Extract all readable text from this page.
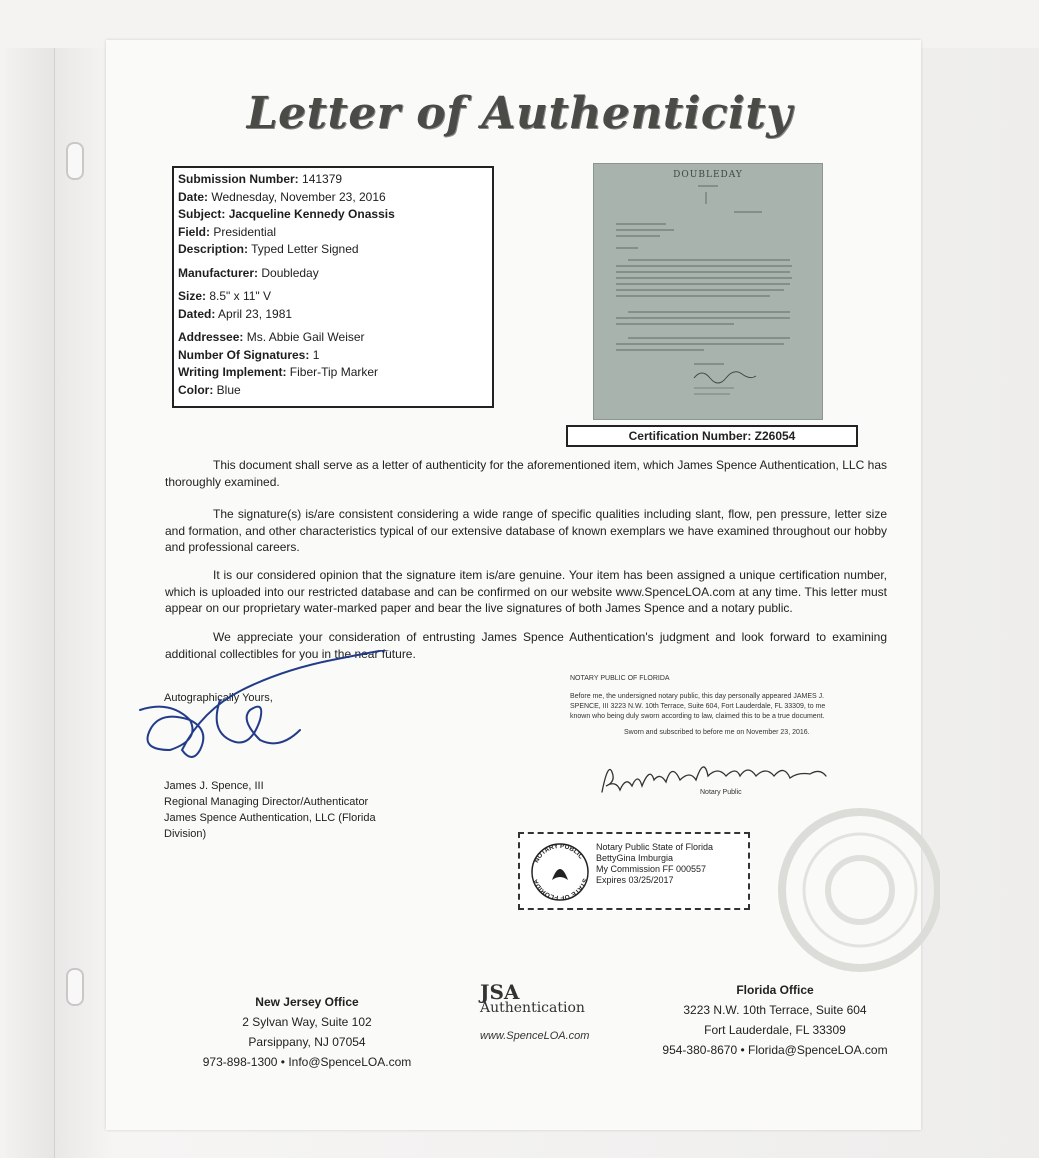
Letter of Authenticity
Submission Number: 141379
Date: Wednesday, November 23, 2016
Subject: Jacqueline Kennedy Onassis
Field: Presidential
Description: Typed Letter Signed
Manufacturer: Doubleday
Size: 8.5" x 11" V
Dated: April 23, 1981
Addressee: Ms. Abbie Gail Weiser
Number Of Signatures: 1
Writing Implement: Fiber-Tip Marker
Color: Blue
DOUBLEDAY
Certification Number: Z26054
This document shall serve as a letter of authenticity for the aforementioned item, which James Spence Authentication, LLC has thoroughly examined.
The signature(s) is/are consistent considering a wide range of specific qualities including slant, flow, pen pressure, letter size and formation, and other characteristics typical of our extensive database of known exemplars we have examined throughout our hobby and professional careers.
It is our considered opinion that the signature item is/are genuine. Your item has been assigned a unique certification number, which is uploaded into our restricted database and can be confirmed on our website www.SpenceLOA.com at any time. This letter must appear on our proprietary water-marked paper and bear the live signatures of both James Spence and a notary public.
We appreciate your consideration of entrusting James Spence Authentication's judgment and look forward to examining additional collectibles for you in the near future.
Autographically Yours,
James J. Spence, III
Regional Managing Director/Authenticator
James Spence Authentication, LLC (Florida
Division)
NOTARY PUBLIC OF FLORIDA
Before me, the undersigned notary public, this day personally appeared JAMES J.
SPENCE, III 3223 N.W. 10th Terrace, Suite 604, Fort Lauderdale, FL 33309, to me
known who being duly sworn according to law, claimed this to be a true document.
Sworn and subscribed to before me on November 23, 2016.
Notary Public
Notary Public State of Florida
BettyGina Imburgia
My Commission FF 000557
Expires 03/25/2017
NOTARY PUBLIC
STATE OF FLORIDA
New Jersey Office
2 Sylvan Way, Suite 102
Parsippany, NJ 07054
973-898-1300 • Info@SpenceLOA.com
JSA
Authentication
www.SpenceLOA.com
Florida Office
3223 N.W. 10th Terrace, Suite 604
Fort Lauderdale, FL 33309
954-380-8670 • Florida@SpenceLOA.com
